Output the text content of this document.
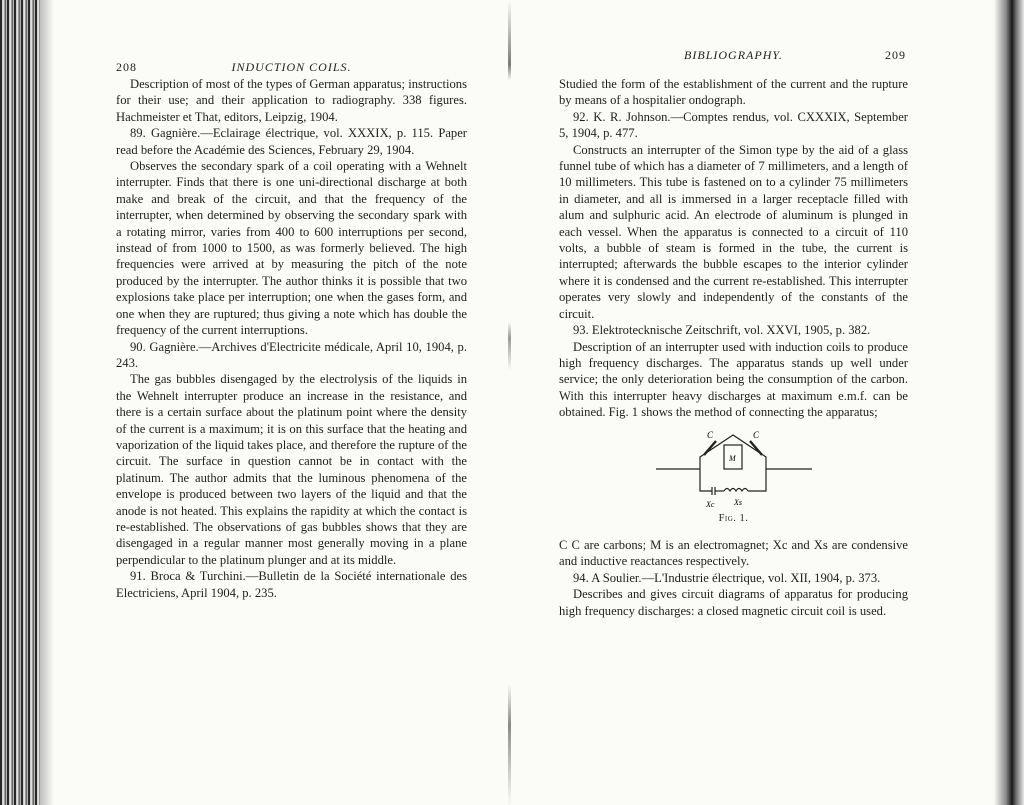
208	INDUCTION COILS.

Description of most of the types of German apparatus; instructions for their use; and their application to radiography. 338 figures. Hachmeister et That, editors, Leipzig, 1904.

89. Gagnière.—Eclairage électrique, vol. XXXIX, p. 115. Paper read before the Académie des Sciences, February 29, 1904.

Observes the secondary spark of a coil operating with a Wehnelt interrupter. Finds that there is one uni-directional discharge at both make and break of the circuit, and that the frequency of the interrupter, when determined by observing the secondary spark with a rotating mirror, varies from 400 to 600 interruptions per second, instead of from 1000 to 1500, as was formerly believed. The high frequencies were arrived at by measuring the pitch of the note produced by the interrupter. The author thinks it is possible that two explosions take place per interruption; one when the gases form, and one when they are ruptured; thus giving a note which has double the frequency of the current interruptions.

90. Gagnière.—Archives d'Electricite médicale, April 10, 1904, p. 243.

The gas bubbles disengaged by the electrolysis of the liquids in the Wehnelt interrupter produce an increase in the resistance, and there is a certain surface about the platinum point where the density of the current is a maximum; it is on this surface that the heating and vaporization of the liquid takes place, and therefore the rupture of the circuit. The surface in question cannot be in contact with the platinum. The author admits that the luminous phenomena of the envelope is produced between two layers of the liquid and that the anode is not heated. This explains the rapidity at which the contact is re-established. The observations of gas bubbles shows that they are disengaged in a regular manner most generally moving in a plane perpendicular to the platinum plunger and at its middle.

91. Broca & Turchini.—Bulletin de la Société internationale des Electriciens, April 1904, p. 235.

BIBLIOGRAPHY.	209

Studied the form of the establishment of the current and the rupture by means of a hospitalier ondograph.

92. K. R. Johnson.—Comptes rendus, vol. CXXXIX, September 5, 1904, p. 477.

Constructs an interrupter of the Simon type by the aid of a glass funnel tube of which has a diameter of 7 millimeters, and a length of 10 millimeters. This tube is fastened on to a cylinder 75 millimeters in diameter, and all is immersed in a larger receptacle filled with alum and sulphuric acid. An electrode of aluminum is plunged in each vessel. When the apparatus is connected to a circuit of 110 volts, a bubble of steam is formed in the tube, the current is interrupted; afterwards the bubble escapes to the interior cylinder where it is condensed and the current re-established. This interrupter operates very slowly and independently of the constants of the circuit.

93. Elektrotecknische Zeitschrift, vol. XXVI, 1905, p. 382.

Description of an interrupter used with induction coils to produce high frequency discharges. The apparatus stands up well under service; the only deterioration being the consumption of the carbon. With this interrupter heavy discharges at maximum e.m.f. can be obtained. Fig. 1 shows the method of connecting the apparatus;

C	C
M
Xc Xs
Fig. 1.

C C are carbons; M is an electromagnet; Xc and Xs are condensive and inductive reactances respectively.

94. A Soulier.—L'Industrie électrique, vol. XII, 1904, p. 373.

Describes and gives circuit diagrams of apparatus for producing high frequency discharges: a closed magnetic circuit coil is used.
